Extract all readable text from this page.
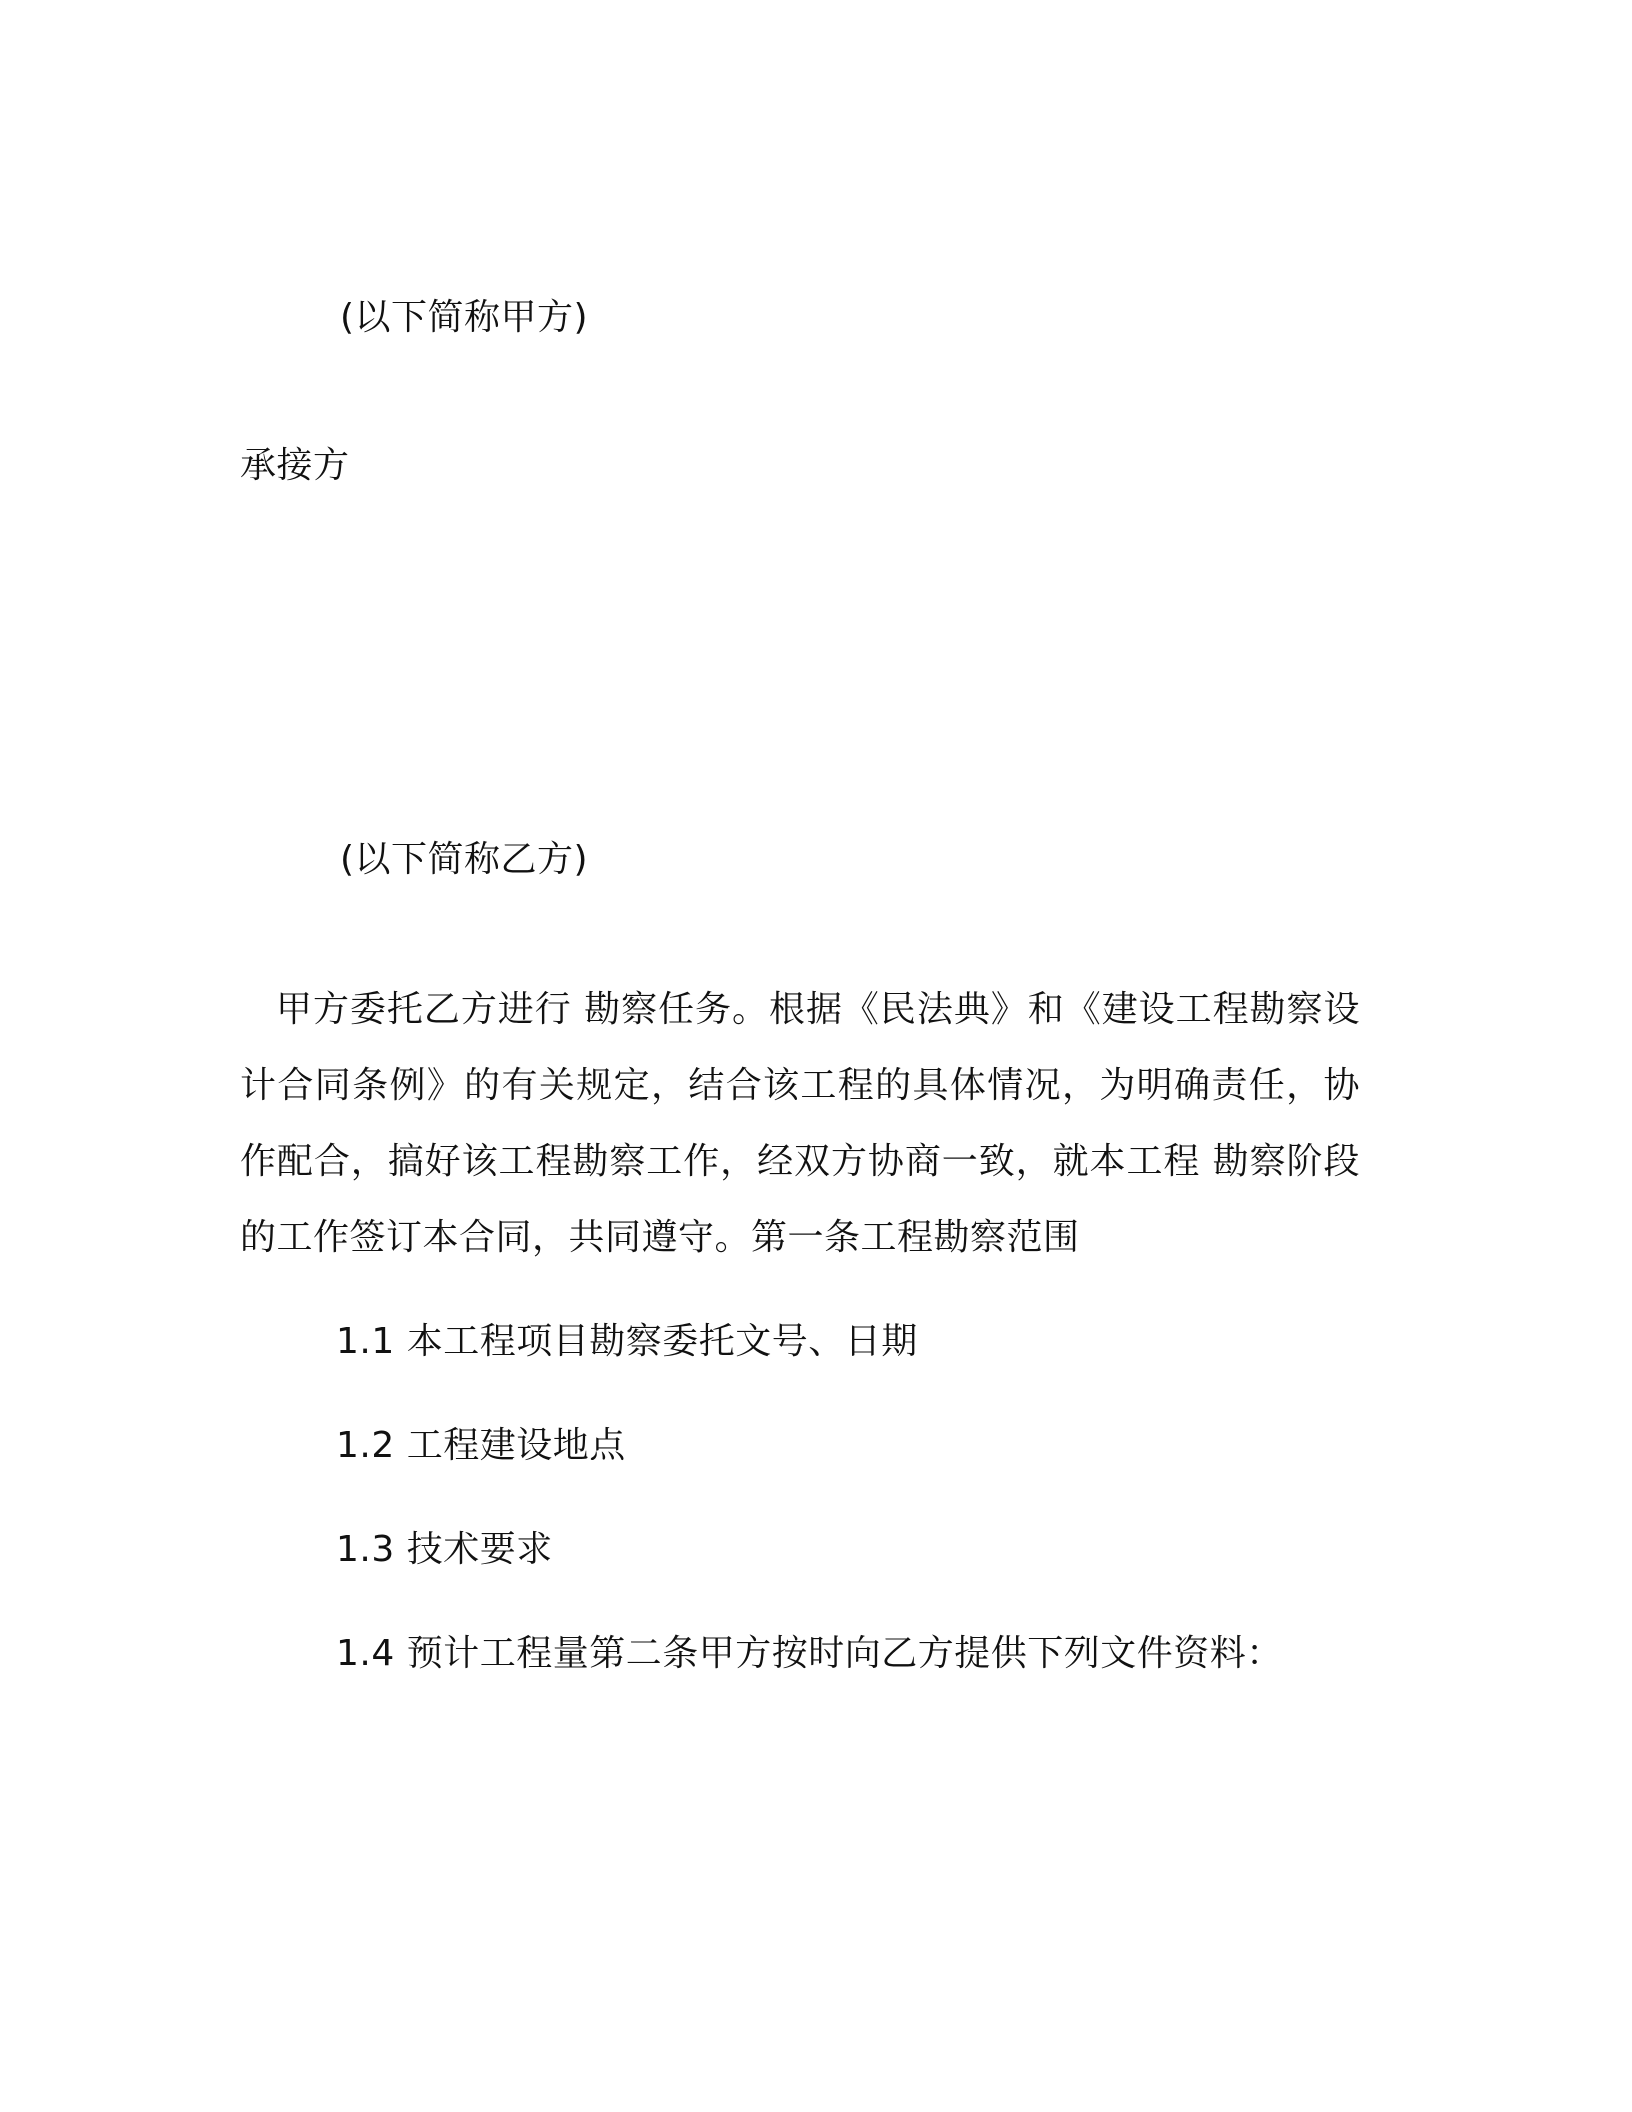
(以下简称甲方)
承接方
(以下简称乙方)
甲方委托乙方进行 勘察任务。根据《民法典》和《建设工程勘察设计合同条例》的有关规定，结合该工程的具体情况，为明确责任，协作配合，搞好该工程勘察工作，经双方协商一致，就本工程 勘察阶段的工作签订本合同，共同遵守。第一条工程勘察范围
1.1 本工程项目勘察委托文号、日期
1.2 工程建设地点
1.3 技术要求
1.4 预计工程量第二条甲方按时向乙方提供下列文件资料：
